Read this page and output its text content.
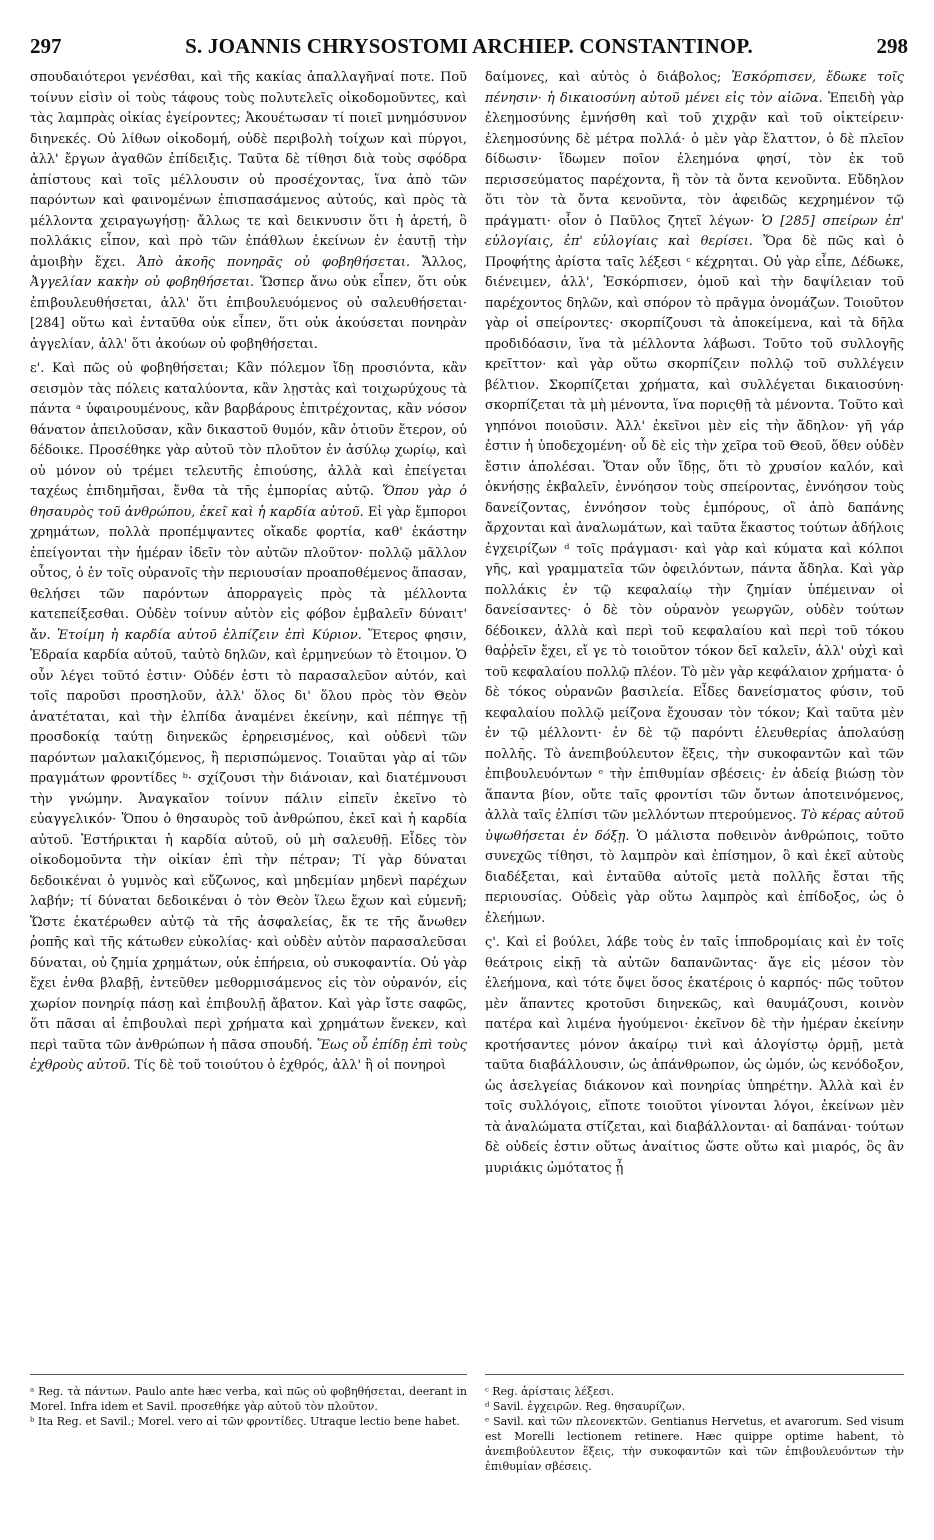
297	S. JOANNIS CHRYSOSTOMI ARCHIEP. CONSTANTINOP.	298

σπουδαιότεροι γενέσθαι, καὶ τῆς κακίας ἀπαλλαγῆναί ποτε. Ποῦ τοίνυν εἰσὶν οἱ τοὺς τάφους τοὺς πολυτελεῖς οἰκοδομοῦντες, καὶ τὰς λαμπρὰς οἰκίας ἐγείροντες; Ἀκουέτωσαν τί ποιεῖ μνημόσυνον διηνεκές. Οὐ λίθων οἰκοδομή, οὐδὲ περιβολὴ τοίχων καὶ πύργοι, ἀλλ' ἔργων ἀγαθῶν ἐπίδειξις. Ταῦτα δὲ τίθησι διὰ τοὺς σφόδρα ἀπίστους καὶ τοῖς μέλλουσιν οὐ προσέχοντας, ἵνα ἀπὸ τῶν παρόντων καὶ φαινομένων ἐπισπασάμενος αὐτούς, καὶ πρὸς τὰ μέλλοντα χειραγωγήσῃ· ἄλλως τε καὶ δεικνυσιν ὅτι ἡ ἀρετή, ὃ πολλάκις εἶπον, καὶ πρὸ τῶν ἐπάθλων ἐκείνων ἐν ἑαυτῇ τὴν ἀμοιβὴν ἔχει. Ἀπὸ ἀκοῆς πονηρᾶς οὐ φοβηθήσεται. Ἄλλος, Ἀγγελίαν κακὴν οὐ φοβηθήσεται. Ὥσπερ ἄνω οὐκ εἶπεν, ὅτι οὐκ ἐπιβουλευθήσεται, ἀλλ' ὅτι ἐπιβουλευόμενος οὐ σαλευθήσεται· [284] οὕτω καὶ ἐνταῦθα οὐκ εἶπεν, ὅτι οὐκ ἀκούσεται πονηρὰν ἀγγελίαν, ἀλλ' ὅτι ἀκούων οὐ φοβηθήσεται.

ε'. Καὶ πῶς οὐ φοβηθήσεται; Κἂν πόλεμον ἴδῃ προσιόντα, κἂν σεισμὸν τὰς πόλεις καταλύοντα, κἂν λῃστὰς καὶ τοιχωρύχους τὰ πάντα ᵃ ὑφαιρουμένους, κἂν βαρβάρους ἐπιτρέχοντας, κἂν νόσον θάνατον ἀπειλοῦσαν, κἂν δικαστοῦ θυμόν, κἂν ὁτιοῦν ἕτερον, οὐ δέδοικε. Προσέθηκε γὰρ αὐτοῦ τὸν πλοῦτον ἐν ἀσύλῳ χωρίῳ, καὶ οὐ μόνον οὐ τρέμει τελευτῆς ἐπιούσης, ἀλλὰ καὶ ἐπείγεται ταχέως ἐπιδημῆσαι, ἔνθα τὰ τῆς ἐμπορίας αὐτῷ. Ὅπου γὰρ ὁ θησαυρὸς τοῦ ἀνθρώπου, ἐκεῖ καὶ ἡ καρδία αὐτοῦ. Εἰ γὰρ ἔμποροι χρημάτων, πολλὰ προπέμψαντες οἴκαδε φορτία, καθ' ἑκάστην ἐπείγονται τὴν ἡμέραν ἰδεῖν τὸν αὐτῶν πλοῦτον· πολλῷ μᾶλλον οὗτος, ὁ ἐν τοῖς οὐρανοῖς τὴν περιουσίαν προαποθέμενος ἅπασαν, θελήσει τῶν παρόντων ἀπορραγεὶς πρὸς τὰ μέλλοντα κατεπείξεσθαι. Οὐδὲν τοίνυν αὐτὸν εἰς φόβον ἐμβαλεῖν δύναιτ' ἄν. Ἑτοίμη ἡ καρδία αὐτοῦ ἐλπίζειν ἐπὶ Κύριον. Ἕτερος φησιν, Ἑδραία καρδία αὐτοῦ, ταὐτὸ δηλῶν, καὶ ἑρμηνεύων τὸ ἕτοιμον. Ὁ οὖν λέγει τοῦτό ἐστιν· Οὐδέν ἐστι τὸ παρασαλεῦον αὐτόν, καὶ τοῖς παροῦσι προσηλοῦν, ἀλλ' ὅλος δι' ὅλου πρὸς τὸν Θεὸν ἀνατέταται, καὶ τὴν ἐλπίδα ἀναμένει ἐκείνην, καὶ πέπηγε τῇ προσδοκίᾳ ταύτῃ διηνεκῶς ἐρηρεισμένος, καὶ οὐδενὶ τῶν παρόντων μαλακιζόμενος, ἢ περισπώμενος. Τοιαῦται γὰρ αἱ τῶν πραγμάτων φροντίδες ᵇ· σχίζουσι τὴν διάνοιαν, καὶ διατέμνουσι τὴν γνώμην. Ἀναγκαῖον τοίνυν πάλιν εἰπεῖν ἐκεῖνο τὸ εὐαγγελικόν· Ὅπου ὁ θησαυρὸς τοῦ ἀνθρώπου, ἐκεῖ καὶ ἡ καρδία αὐτοῦ. Ἐστήρικται ἡ καρδία αὐτοῦ, οὐ μὴ σαλευθῇ. Εἶδες τὸν οἰκοδομοῦντα τὴν οἰκίαν ἐπὶ τὴν πέτραν; Τί γὰρ δύναται δεδοικέναι ὁ γυμνὸς καὶ εὔζωνος, καὶ μηδεμίαν μηδενὶ παρέχων λαβήν; τί δύναται δεδοικέναι ὁ τὸν Θεὸν ἵλεω ἔχων καὶ εὐμενῆ; Ὥστε ἑκατέρωθεν αὐτῷ τὰ τῆς ἀσφαλείας, ἔκ τε τῆς ἄνωθεν ῥοπῆς καὶ τῆς κάτωθεν εὐκολίας· καὶ οὐδὲν αὐτὸν παρασαλεῦσαι δύναται, οὐ ζημία χρημάτων, οὐκ ἐπήρεια, οὐ συκοφαντία. Οὐ γὰρ ἔχει ἐνθα βλαβῇ, ἐντεῦθεν μεθορμισάμενος εἰς τὸν οὐρανόν, εἰς χωρίον πονηρίᾳ πάσῃ καὶ ἐπιβουλῇ ἄβατον. Καὶ γὰρ ἴστε σαφῶς, ὅτι πᾶσαι αἱ ἐπιβουλαὶ περὶ χρήματα καὶ χρημάτων ἕνεκεν, καὶ περὶ ταῦτα τῶν ἀνθρώπων ἡ πᾶσα σπουδή. Ἕως οὗ ἐπίδῃ ἐπὶ τοὺς ἐχθροὺς αὐτοῦ. Τίς δὲ τοῦ τοιούτου ὁ ἐχθρός, ἀλλ' ἢ οἱ πονηροὶ

δαίμονες, καὶ αὐτὸς ὁ διάβολος; Ἐσκόρπισεν, ἔδωκε τοῖς πένησιν· ἡ δικαιοσύνη αὐτοῦ μένει εἰς τὸν αἰῶνα. Ἐπειδὴ γὰρ ἐλεημοσύνης ἐμνήσθη καὶ τοῦ χιχρᾷν καὶ τοῦ οἰκτείρειν· ἐλεημοσύνης δὲ μέτρα πολλά· ὁ μὲν γὰρ ἔλαττον, ὁ δὲ πλεῖον δίδωσιν· ἴδωμεν ποῖον ἐλεημόνα φησί, τὸν ἐκ τοῦ περισσεύματος παρέχοντα, ἢ τὸν τὰ ὄντα κενοῦντα. Εὔδηλον ὅτι τὸν τὰ ὄντα κενοῦντα, τὸν ἀφειδῶς κεχρημένον τῷ πράγματι· οἷον ὁ Παῦλος ζητεῖ λέγων· Ὁ [285] σπείρων ἐπ' εὐλογίαις, ἐπ' εὐλογίαις καὶ θερίσει. Ὅρα δὲ πῶς καὶ ὁ Προφήτης ἀρίστα ταῖς λέξεσι ᶜ κέχρηται. Οὐ γὰρ εἶπε, Δέδωκε, διένειμεν, ἀλλ', Ἐσκόρπισεν, ὁμοῦ καὶ τὴν δαψίλειαν τοῦ παρέχοντος δηλῶν, καὶ σπόρον τὸ πρᾶγμα ὀνομάζων. Τοιοῦτον γὰρ οἱ σπείροντες· σκορπίζουσι τὰ ἀποκείμενα, καὶ τὰ δῆλα προδιδόασιν, ἵνα τὰ μέλλοντα λάβωσι. Τοῦτο τοῦ συλλογῆς κρεῖττον· καὶ γὰρ οὕτω σκορπίζειν πολλῷ τοῦ συλλέγειν βέλτιον. Σκορπίζεται χρήματα, καὶ συλλέγεται δικαιοσύνη· σκορπίζεται τὰ μὴ μένοντα, ἵνα ποριςθῇ τὰ μένοντα. Τοῦτο καὶ γηπόνοι ποιοῦσιν. Ἀλλ' ἐκεῖνοι μὲν εἰς τὴν ἄδηλον· γῆ γάρ ἐστιν ἡ ὑποδεχομένη· οὗ δὲ εἰς τὴν χεῖρα τοῦ Θεοῦ, ὅθεν οὐδὲν ἔστιν ἀπολέσαι. Ὅταν οὖν ἴδῃς, ὅτι τὸ χρυσίον καλόν, καὶ ὀκνήσῃς ἐκβαλεῖν, ἐννόησον τοὺς σπείροντας, ἐννόησον τοὺς δανείζοντας, ἐννόησον τοὺς ἐμπόρους, οἳ ἀπὸ δαπάνης ἄρχονται καὶ ἀναλωμάτων, καὶ ταῦτα ἕκαστος τούτων ἀδήλοις ἐγχειρίζων ᵈ τοῖς πράγμασι· καὶ γὰρ καὶ κύματα καὶ κόλποι γῆς, καὶ γραμματεῖα τῶν ὀφειλόντων, πάντα ἄδηλα. Καὶ γὰρ πολλάκις ἐν τῷ κεφαλαίῳ τὴν ζημίαν ὑπέμειναν οἱ δανείσαντες· ὁ δὲ τὸν οὐρανὸν γεωργῶν, οὐδὲν τούτων δέδοικεν, ἀλλὰ καὶ περὶ τοῦ κεφαλαίου καὶ περὶ τοῦ τόκου θαῤῥεῖν ἔχει, εἴ γε τὸ τοιοῦτον τόκον δεῖ καλεῖν, ἀλλ' οὐχὶ καὶ τοῦ κεφαλαίου πολλῷ πλέον. Τὸ μὲν γὰρ κεφάλαιον χρήματα· ὁ δὲ τόκος οὐρανῶν βασιλεία. Εἶδες δανείσματος φύσιν, τοῦ κεφαλαίου πολλῷ μείζονα ἔχουσαν τὸν τόκον; Καὶ ταῦτα μὲν ἐν τῷ μέλλοντι· ἐν δὲ τῷ παρόντι ἐλευθερίας ἀπολαύσῃ πολλῆς. Τὸ ἀνεπιβούλευτον ἕξεις, τὴν συκοφαντῶν καὶ τῶν ἐπιβουλευόντων ᵉ τὴν ἐπιθυμίαν σβέσεις· ἐν ἀδείᾳ βιώσῃ τὸν ἅπαντα βίον, οὔτε ταῖς φροντίσι τῶν ὄντων ἀποτεινόμενος, ἀλλὰ ταῖς ἐλπίσι τῶν μελλόντων πτερούμενος. Τὸ κέρας αὐτοῦ ὑψωθήσεται ἐν δόξῃ. Ὁ μάλιστα ποθεινὸν ἀνθρώποις, τοῦτο συνεχῶς τίθησι, τὸ λαμπρὸν καὶ ἐπίσημον, ὃ καὶ ἐκεῖ αὐτοὺς διαδέξεται, καὶ ἐνταῦθα αὐτοῖς μετὰ πολλῆς ἔσται τῆς περιουσίας. Οὐδεὶς γὰρ οὕτω λαμπρὸς καὶ ἐπίδοξος, ὡς ὁ ἐλεήμων.

ς'. Καὶ εἰ βούλει, λάβε τοὺς ἐν ταῖς ἱπποδρομίαις καὶ ἐν τοῖς θεάτροις εἰκῇ τὰ αὐτῶν δαπανῶντας· ἄγε εἰς μέσον τὸν ἐλεήμονα, καὶ τότε ὄψει ὅσος ἑκατέροις ὁ καρπός· πῶς τοῦτον μὲν ἅπαντες κροτοῦσι διηνεκῶς, καὶ θαυμάζουσι, κοινὸν πατέρα καὶ λιμένα ἡγούμενοι· ἐκεῖνον δὲ τὴν ἡμέραν ἐκείνην κροτήσαντες μόνον ἀκαίρῳ τινὶ καὶ ἀλογίστῳ ὁρμῇ, μετὰ ταῦτα διαβάλλουσιν, ὡς ἀπάνθρωπον, ὡς ὠμόν, ὡς κενόδοξον, ὡς ἀσελγείας διάκονον καὶ πονηρίας ὑπηρέτην. Ἀλλὰ καὶ ἐν τοῖς συλλόγοις, εἴποτε τοιοῦτοι γίνονται λόγοι, ἐκείνων μὲν τὰ ἀναλώματα στίζεται, καὶ διαβάλλονται· αἱ δαπάναι· τούτων δὲ οὐδείς ἐστιν οὕτως ἀναίτιος ὥστε οὕτω καὶ μιαρός, ὃς ἂν μυριάκις ὠμότατος ᾖ

ᵃ Reg. τὰ πάντων. Paulo ante hæc verba, καὶ πῶς οὐ φοβηθήσεται, deerant in Morel. Infra idem et Savil. προσεθήκε γὰρ αὐτοῦ τὸν πλοῦτον.

ᵇ Ita Reg. et Savil.; Morel. vero αἱ τῶν φροντίδες. Utraque lectio bene habet.

ᶜ Reg. ἀρίσταις λέξεσι.

ᵈ Savil. ἐγχειρῶν. Reg. θησαυρίζων.

ᵉ Savil. καὶ τῶν πλεονεκτῶν. Gentianus Hervetus, et avarorum. Sed visum est Morelli lectionem retinere. Hæc quippe optime habent, τὸ ἀνεπιβούλευτον ἕξεις, τὴν συκοφαντῶν καὶ τῶν ἐπιβουλευόντων τὴν ἐπιθυμίαν σβέσεις.
